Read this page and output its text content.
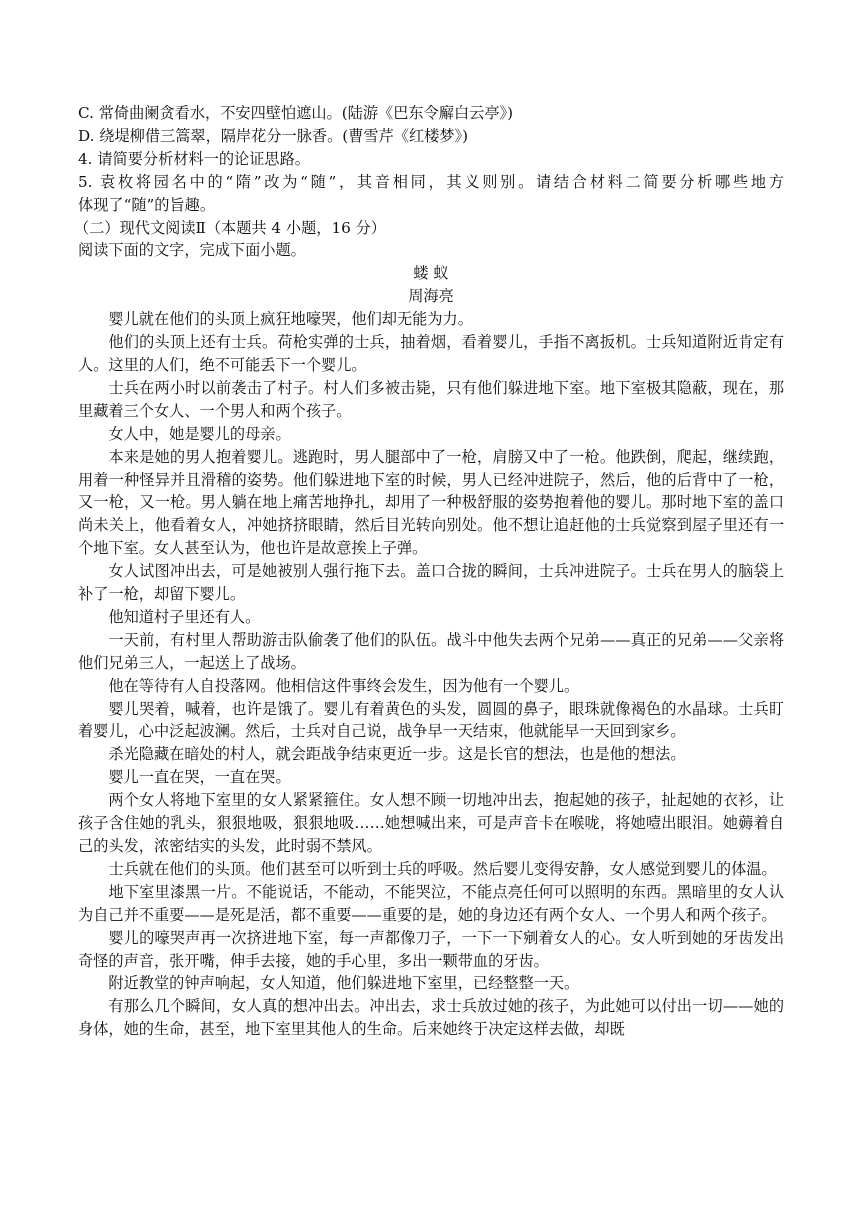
C. 常倚曲阑贪看水，不安四壁怕遮山。(陆游《巴东令廨白云亭》)
D. 绕堤柳借三篙翠，隔岸花分一脉香。(曹雪芹《红楼梦》)
4. 请简要分析材料一的论证思路。
5. 袁枚将园名中的“隋”改为“随”，其音相同，其义则别。请结合材料二简要分析哪些地方
体现了“随”的旨趣。
（二）现代文阅读Ⅱ（本题共 4 小题，16 分）
阅读下面的文字，完成下面小题。
蝼 蚁
周海亮

婴儿就在他们的头顶上疯狂地嚎哭，他们却无能为力。

他们的头顶上还有士兵。荷枪实弹的士兵，抽着烟，看着婴儿，手指不离扳机。士兵知道附近肯定有人。这里的人们，绝不可能丢下一个婴儿。

士兵在两小时以前袭击了村子。村人们多被击毙，只有他们躲进地下室。地下室极其隐蔽，现在，那里藏着三个女人、一个男人和两个孩子。

女人中，她是婴儿的母亲。

本来是她的男人抱着婴儿。逃跑时，男人腿部中了一枪，肩膀又中了一枪。他跌倒，爬起，继续跑，用着一种怪异并且滑稽的姿势。他们躲进地下室的时候，男人已经冲进院子，然后，他的后背中了一枪，又一枪，又一枪。男人躺在地上痛苦地挣扎，却用了一种极舒服的姿势抱着他的婴儿。那时地下室的盖口尚未关上，他看着女人，冲她挤挤眼睛，然后目光转向别处。他不想让追赶他的士兵觉察到屋子里还有一个地下室。女人甚至认为，他也许是故意挨上子弹。

女人试图冲出去，可是她被别人强行拖下去。盖口合拢的瞬间，士兵冲进院子。士兵在男人的脑袋上补了一枪，却留下婴儿。

他知道村子里还有人。

一天前，有村里人帮助游击队偷袭了他们的队伍。战斗中他失去两个兄弟——真正的兄弟——父亲将他们兄弟三人，一起送上了战场。

他在等待有人自投落网。他相信这件事终会发生，因为他有一个婴儿。

婴儿哭着，喊着，也许是饿了。婴儿有着黄色的头发，圆圆的鼻子，眼珠就像褐色的水晶球。士兵盯着婴儿，心中泛起波澜。然后，士兵对自己说，战争早一天结束，他就能早一天回到家乡。

杀光隐藏在暗处的村人，就会距战争结束更近一步。这是长官的想法，也是他的想法。

婴儿一直在哭，一直在哭。

两个女人将地下室里的女人紧紧箍住。女人想不顾一切地冲出去，抱起她的孩子，扯起她的衣衫，让孩子含住她的乳头，狠狠地吸，狠狠地吸……她想喊出来，可是声音卡在喉咙，将她噎出眼泪。她薅着自己的头发，浓密结实的头发，此时弱不禁风。

士兵就在他们的头顶。他们甚至可以听到士兵的呼吸。然后婴儿变得安静，女人感觉到婴儿的体温。

地下室里漆黑一片。不能说话，不能动，不能哭泣，不能点亮任何可以照明的东西。黑暗里的女人认为自己并不重要——是死是活，都不重要——重要的是，她的身边还有两个女人、一个男人和两个孩子。

婴儿的嚎哭声再一次挤进地下室，每一声都像刀子，一下一下剜着女人的心。女人听到她的牙齿发出奇怪的声音，张开嘴，伸手去接，她的手心里，多出一颗带血的牙齿。

附近教堂的钟声响起，女人知道，他们躲进地下室里，已经整整一天。

有那么几个瞬间，女人真的想冲出去。冲出去，求士兵放过她的孩子，为此她可以付出一切——她的身体，她的生命，甚至，地下室里其他人的生命。后来她终于决定这样去做，却既
